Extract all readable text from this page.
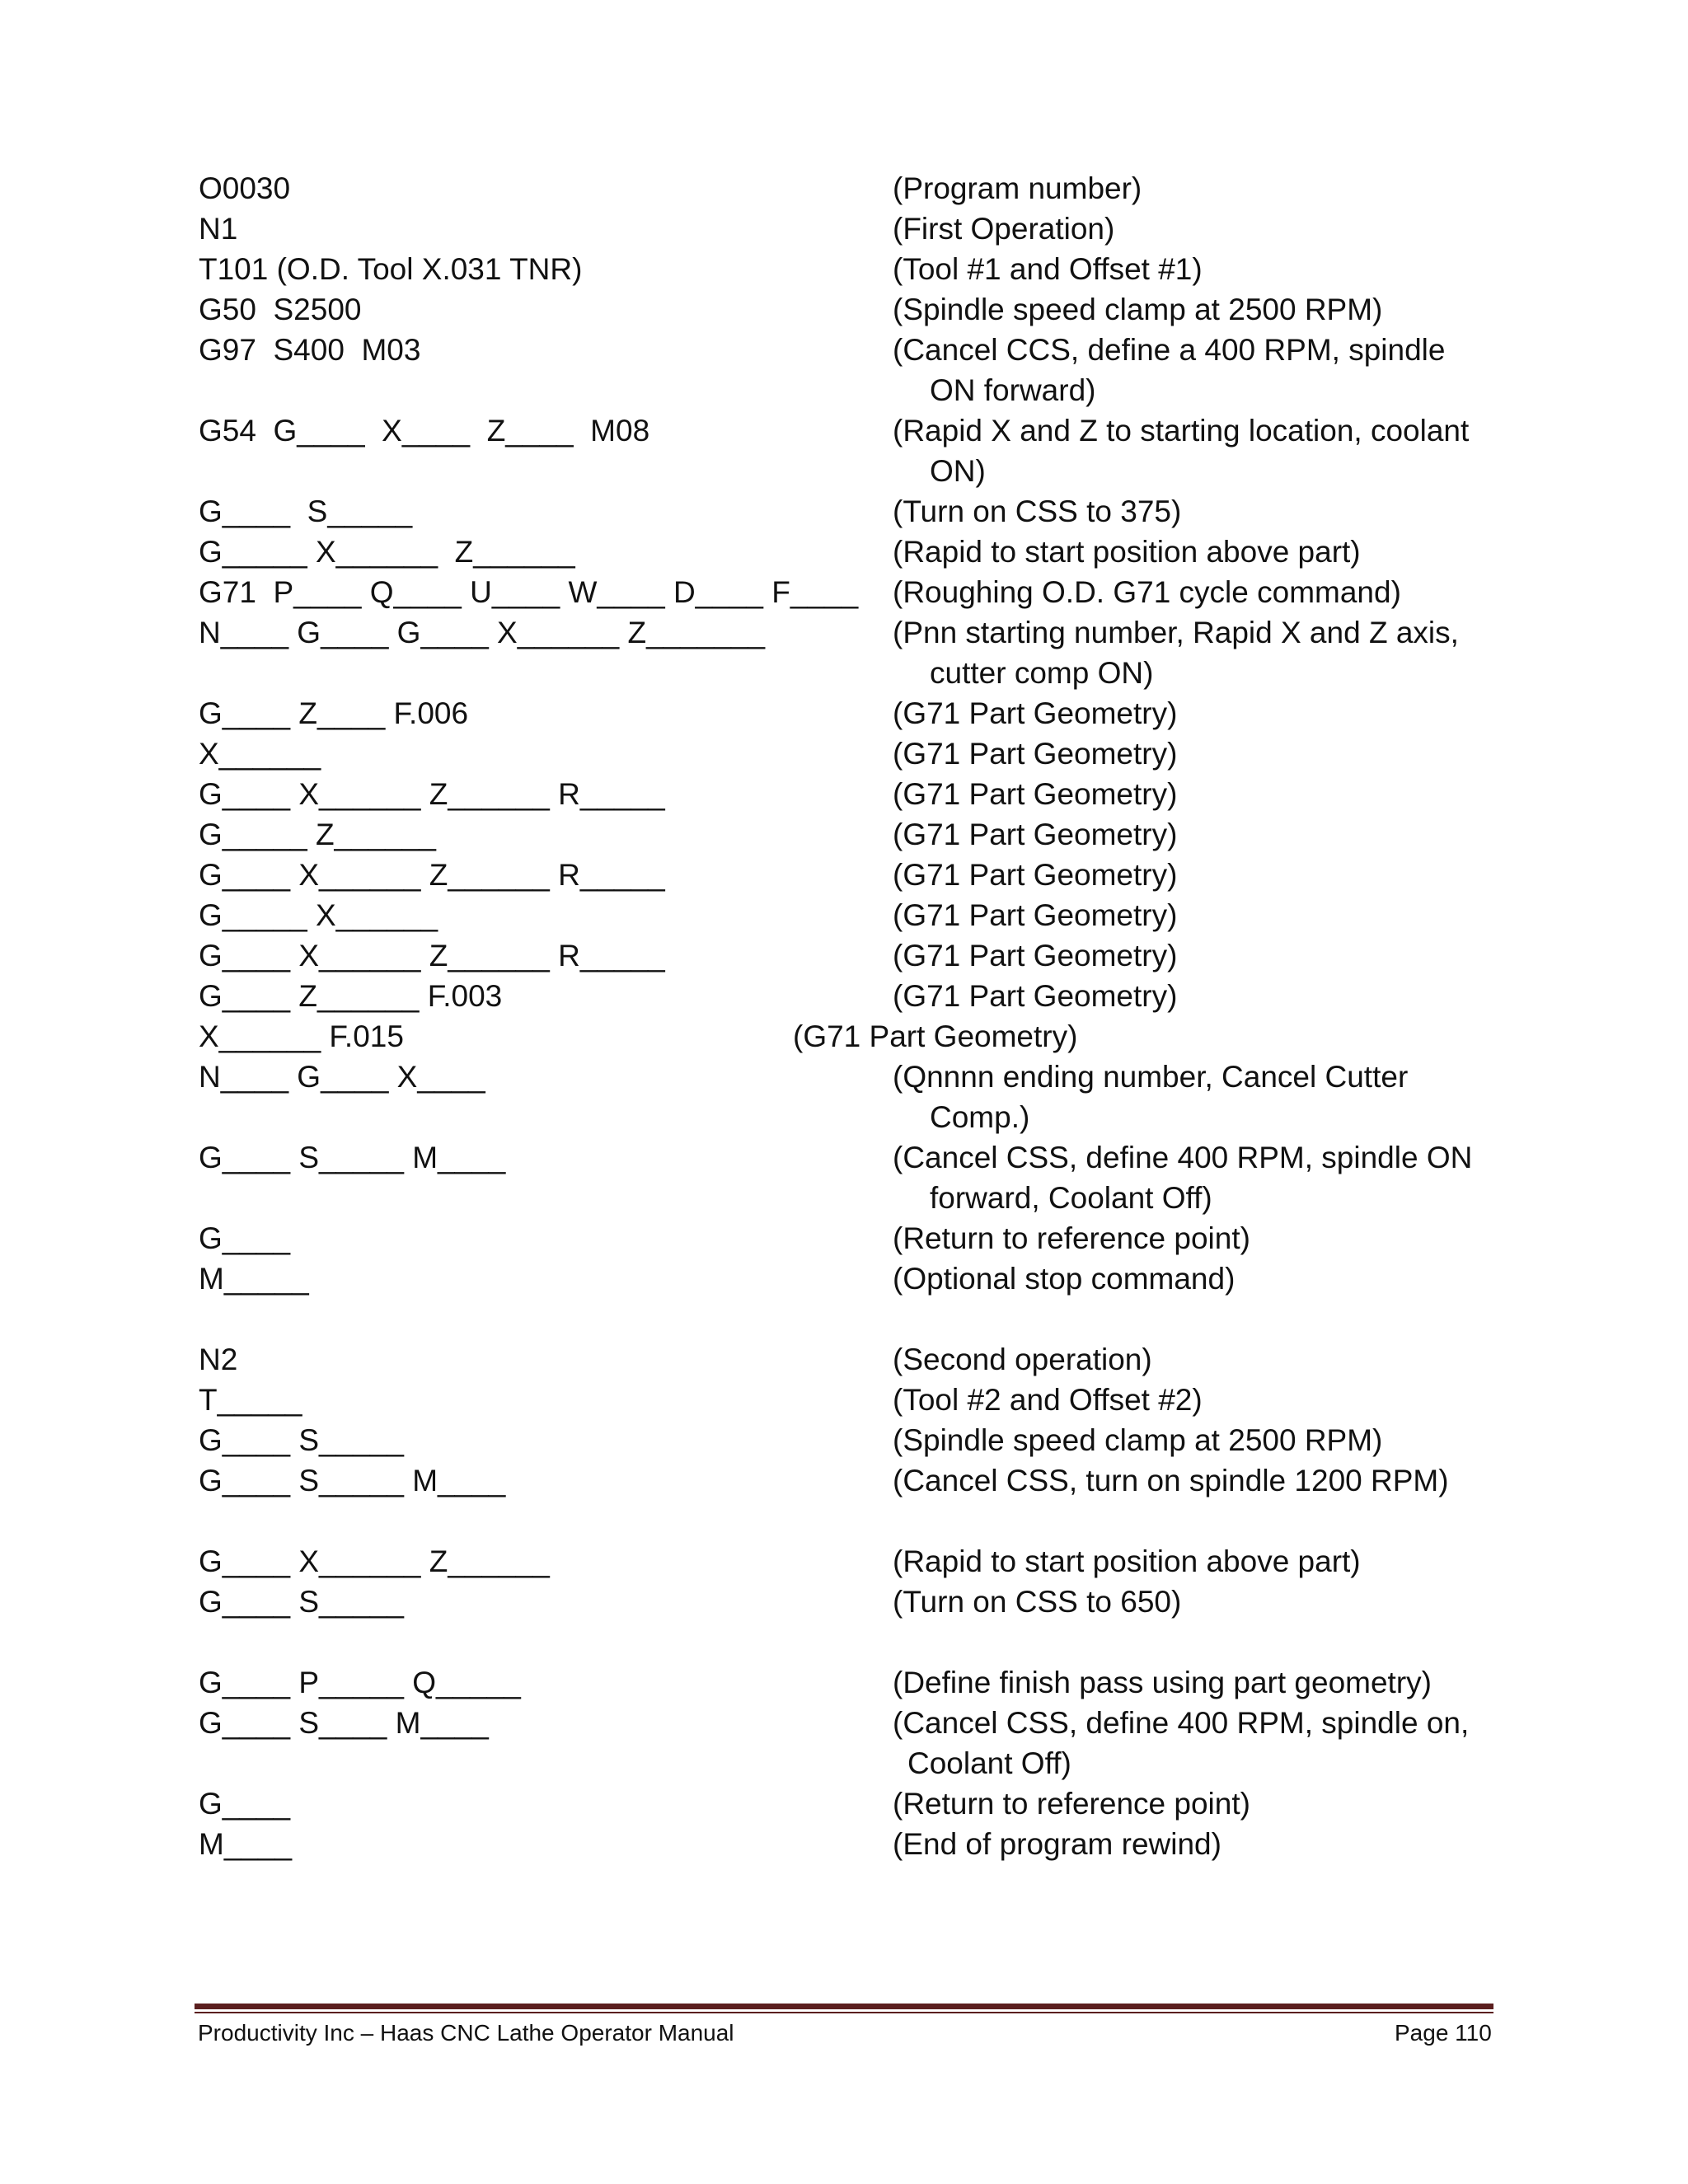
O0030
N1
T101 (O.D. Tool X.031 TNR)
G50  S2500
G97  S400  M03
G54  G____  X____  Z____  M08
G____  S_____
G_____ X______  Z______
G71  P____ Q____ U____ W____ D____ F____
N____ G____ G____ X______ Z_______
G____ Z____ F.006
X______
G____ X______ Z______ R_____
G_____ Z______
G____ X______ Z______ R_____
G_____ X______
G____ X______ Z______ R_____
G____ Z______ F.003
X______ F.015
N____ G____ X____
G____ S_____ M____
G____
M_____
N2
T_____
G____ S_____
G____ S_____ M____
G____ X______ Z______
G____ S_____
G____ P_____ Q_____
G____ S____ M____
G____
M____
(Program number)
(First Operation)
(Tool #1 and Offset #1)
(Spindle speed clamp at 2500 RPM)
(Cancel CCS, define a 400 RPM, spindle
ON forward)
(Rapid X and Z to starting location, coolant
ON)
(Turn on CSS to 375)
(Rapid to start position above part)
(Roughing O.D. G71 cycle command)
(Pnn starting number, Rapid X and Z axis,
cutter comp ON)
(G71 Part Geometry)
(G71 Part Geometry)
(G71 Part Geometry)
(G71 Part Geometry)
(G71 Part Geometry)
(G71 Part Geometry)
(G71 Part Geometry)
(G71 Part Geometry)
(G71 Part Geometry)
(Qnnnn ending number, Cancel Cutter
Comp.)
(Cancel CSS, define 400 RPM, spindle ON
forward, Coolant Off)
(Return to reference point)
(Optional stop command)
(Second operation)
(Tool #2 and Offset #2)
(Spindle speed clamp at 2500 RPM)
(Cancel CSS, turn on spindle 1200 RPM)
(Rapid to start position above part)
(Turn on CSS to 650)
(Define finish pass using part geometry)
(Cancel CSS, define 400 RPM, spindle on,
Coolant Off)
(Return to reference point)
(End of program rewind)
Productivity Inc – Haas CNC Lathe Operator Manual	Page 110
